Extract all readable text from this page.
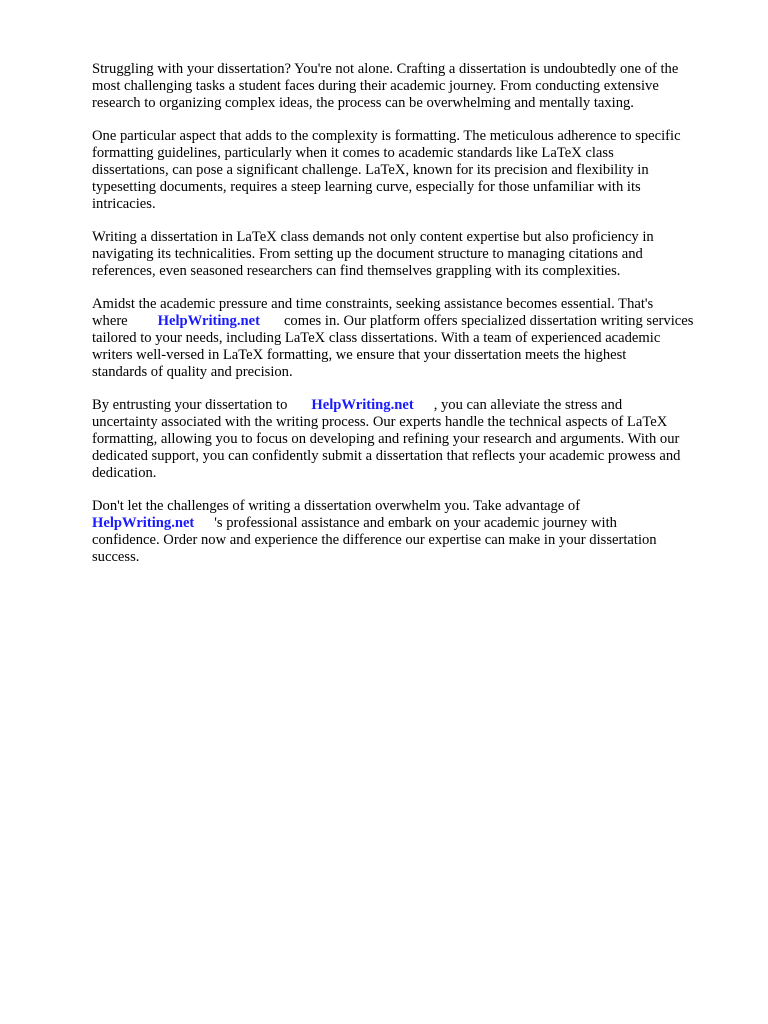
Struggling with your dissertation? You're not alone. Crafting a dissertation is undoubtedly one of the
most challenging tasks a student faces during their academic journey. From conducting extensive
research to organizing complex ideas, the process can be overwhelming and mentally taxing.

One particular aspect that adds to the complexity is formatting. The meticulous adherence to specific
formatting guidelines, particularly when it comes to academic standards like LaTeX class
dissertations, can pose a significant challenge. LaTeX, known for its precision and flexibility in
typesetting documents, requires a steep learning curve, especially for those unfamiliar with its
intricacies.

Writing a dissertation in LaTeX class demands not only content expertise but also proficiency in
navigating its technicalities. From setting up the document structure to managing citations and
references, even seasoned researchers can find themselves grappling with its complexities.

Amidst the academic pressure and time constraints, seeking assistance becomes essential. That's
where HelpWriting.net comes in. Our platform offers specialized dissertation writing services
tailored to your needs, including LaTeX class dissertations. With a team of experienced academic
writers well-versed in LaTeX formatting, we ensure that your dissertation meets the highest
standards of quality and precision.

By entrusting your dissertation to HelpWriting.net , you can alleviate the stress and
uncertainty associated with the writing process. Our experts handle the technical aspects of LaTeX
formatting, allowing you to focus on developing and refining your research and arguments. With our
dedicated support, you can confidently submit a dissertation that reflects your academic prowess and
dedication.

Don't let the challenges of writing a dissertation overwhelm you. Take advantage of
HelpWriting.net 's professional assistance and embark on your academic journey with
confidence. Order now and experience the difference our expertise can make in your dissertation
success.
